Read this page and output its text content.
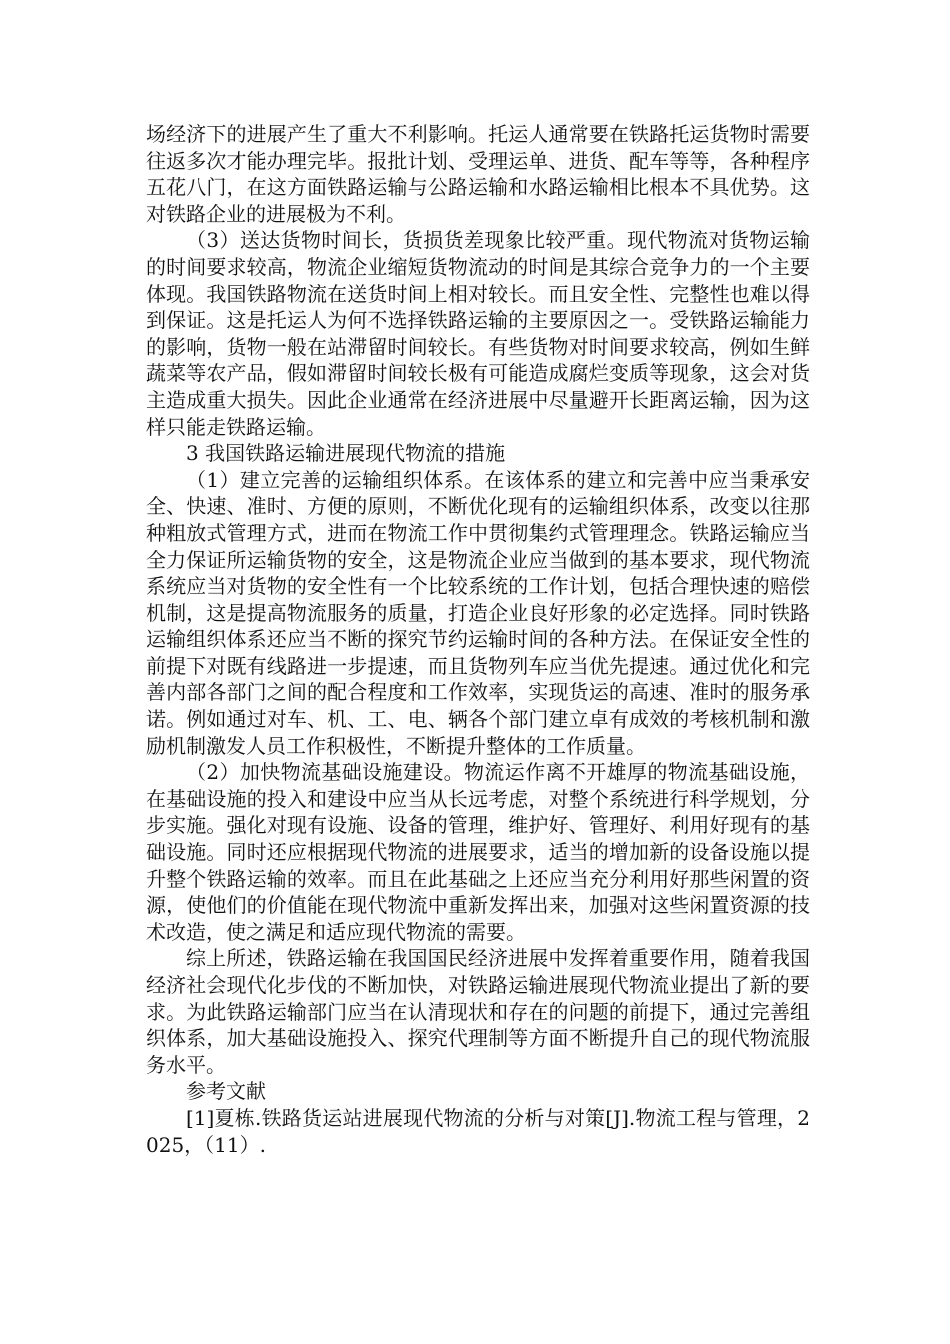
场经济下的进展产生了重大不利影响。托运人通常要在铁路托运货物时需要往返多次才能办理完毕。报批计划、受理运单、进货、配车等等，各种程序五花八门，在这方面铁路运输与公路运输和水路运输相比根本不具优势。这对铁路企业的进展极为不利。

（3）送达货物时间长，货损货差现象比较严重。现代物流对货物运输的时间要求较高，物流企业缩短货物流动的时间是其综合竞争力的一个主要体现。我国铁路物流在送货时间上相对较长。而且安全性、完整性也难以得到保证。这是托运人为何不选择铁路运输的主要原因之一。受铁路运输能力的影响，货物一般在站滞留时间较长。有些货物对时间要求较高，例如生鲜蔬菜等农产品，假如滞留时间较长极有可能造成腐烂变质等现象，这会对货主造成重大损失。因此企业通常在经济进展中尽量避开长距离运输，因为这样只能走铁路运输。

3 我国铁路运输进展现代物流的措施

（1）建立完善的运输组织体系。在该体系的建立和完善中应当秉承安全、快速、准时、方便的原则，不断优化现有的运输组织体系，改变以往那种粗放式管理方式，进而在物流工作中贯彻集约式管理理念。铁路运输应当全力保证所运输货物的安全，这是物流企业应当做到的基本要求，现代物流系统应当对货物的安全性有一个比较系统的工作计划，包括合理快速的赔偿机制，这是提高物流服务的质量，打造企业良好形象的必定选择。同时铁路运输组织体系还应当不断的探究节约运输时间的各种方法。在保证安全性的前提下对既有线路进一步提速，而且货物列车应当优先提速。通过优化和完善内部各部门之间的配合程度和工作效率，实现货运的高速、准时的服务承诺。例如通过对车、机、工、电、辆各个部门建立卓有成效的考核机制和激励机制激发人员工作积极性，不断提升整体的工作质量。

（2）加快物流基础设施建设。物流运作离不开雄厚的物流基础设施，在基础设施的投入和建设中应当从长远考虑，对整个系统进行科学规划，分步实施。强化对现有设施、设备的管理，维护好、管理好、利用好现有的基础设施。同时还应根据现代物流的进展要求，适当的增加新的设备设施以提升整个铁路运输的效率。而且在此基础之上还应当充分利用好那些闲置的资源，使他们的价值能在现代物流中重新发挥出来，加强对这些闲置资源的技术改造，使之满足和适应现代物流的需要。

综上所述，铁路运输在我国国民经济进展中发挥着重要作用，随着我国经济社会现代化步伐的不断加快，对铁路运输进展现代物流业提出了新的要求。为此铁路运输部门应当在认清现状和存在的问题的前提下，通过完善组织体系，加大基础设施投入、探究代理制等方面不断提升自己的现代物流服务水平。

参考文献

[1]夏栋.铁路货运站进展现代物流的分析与对策[J].物流工程与管理，2025，（11）.
